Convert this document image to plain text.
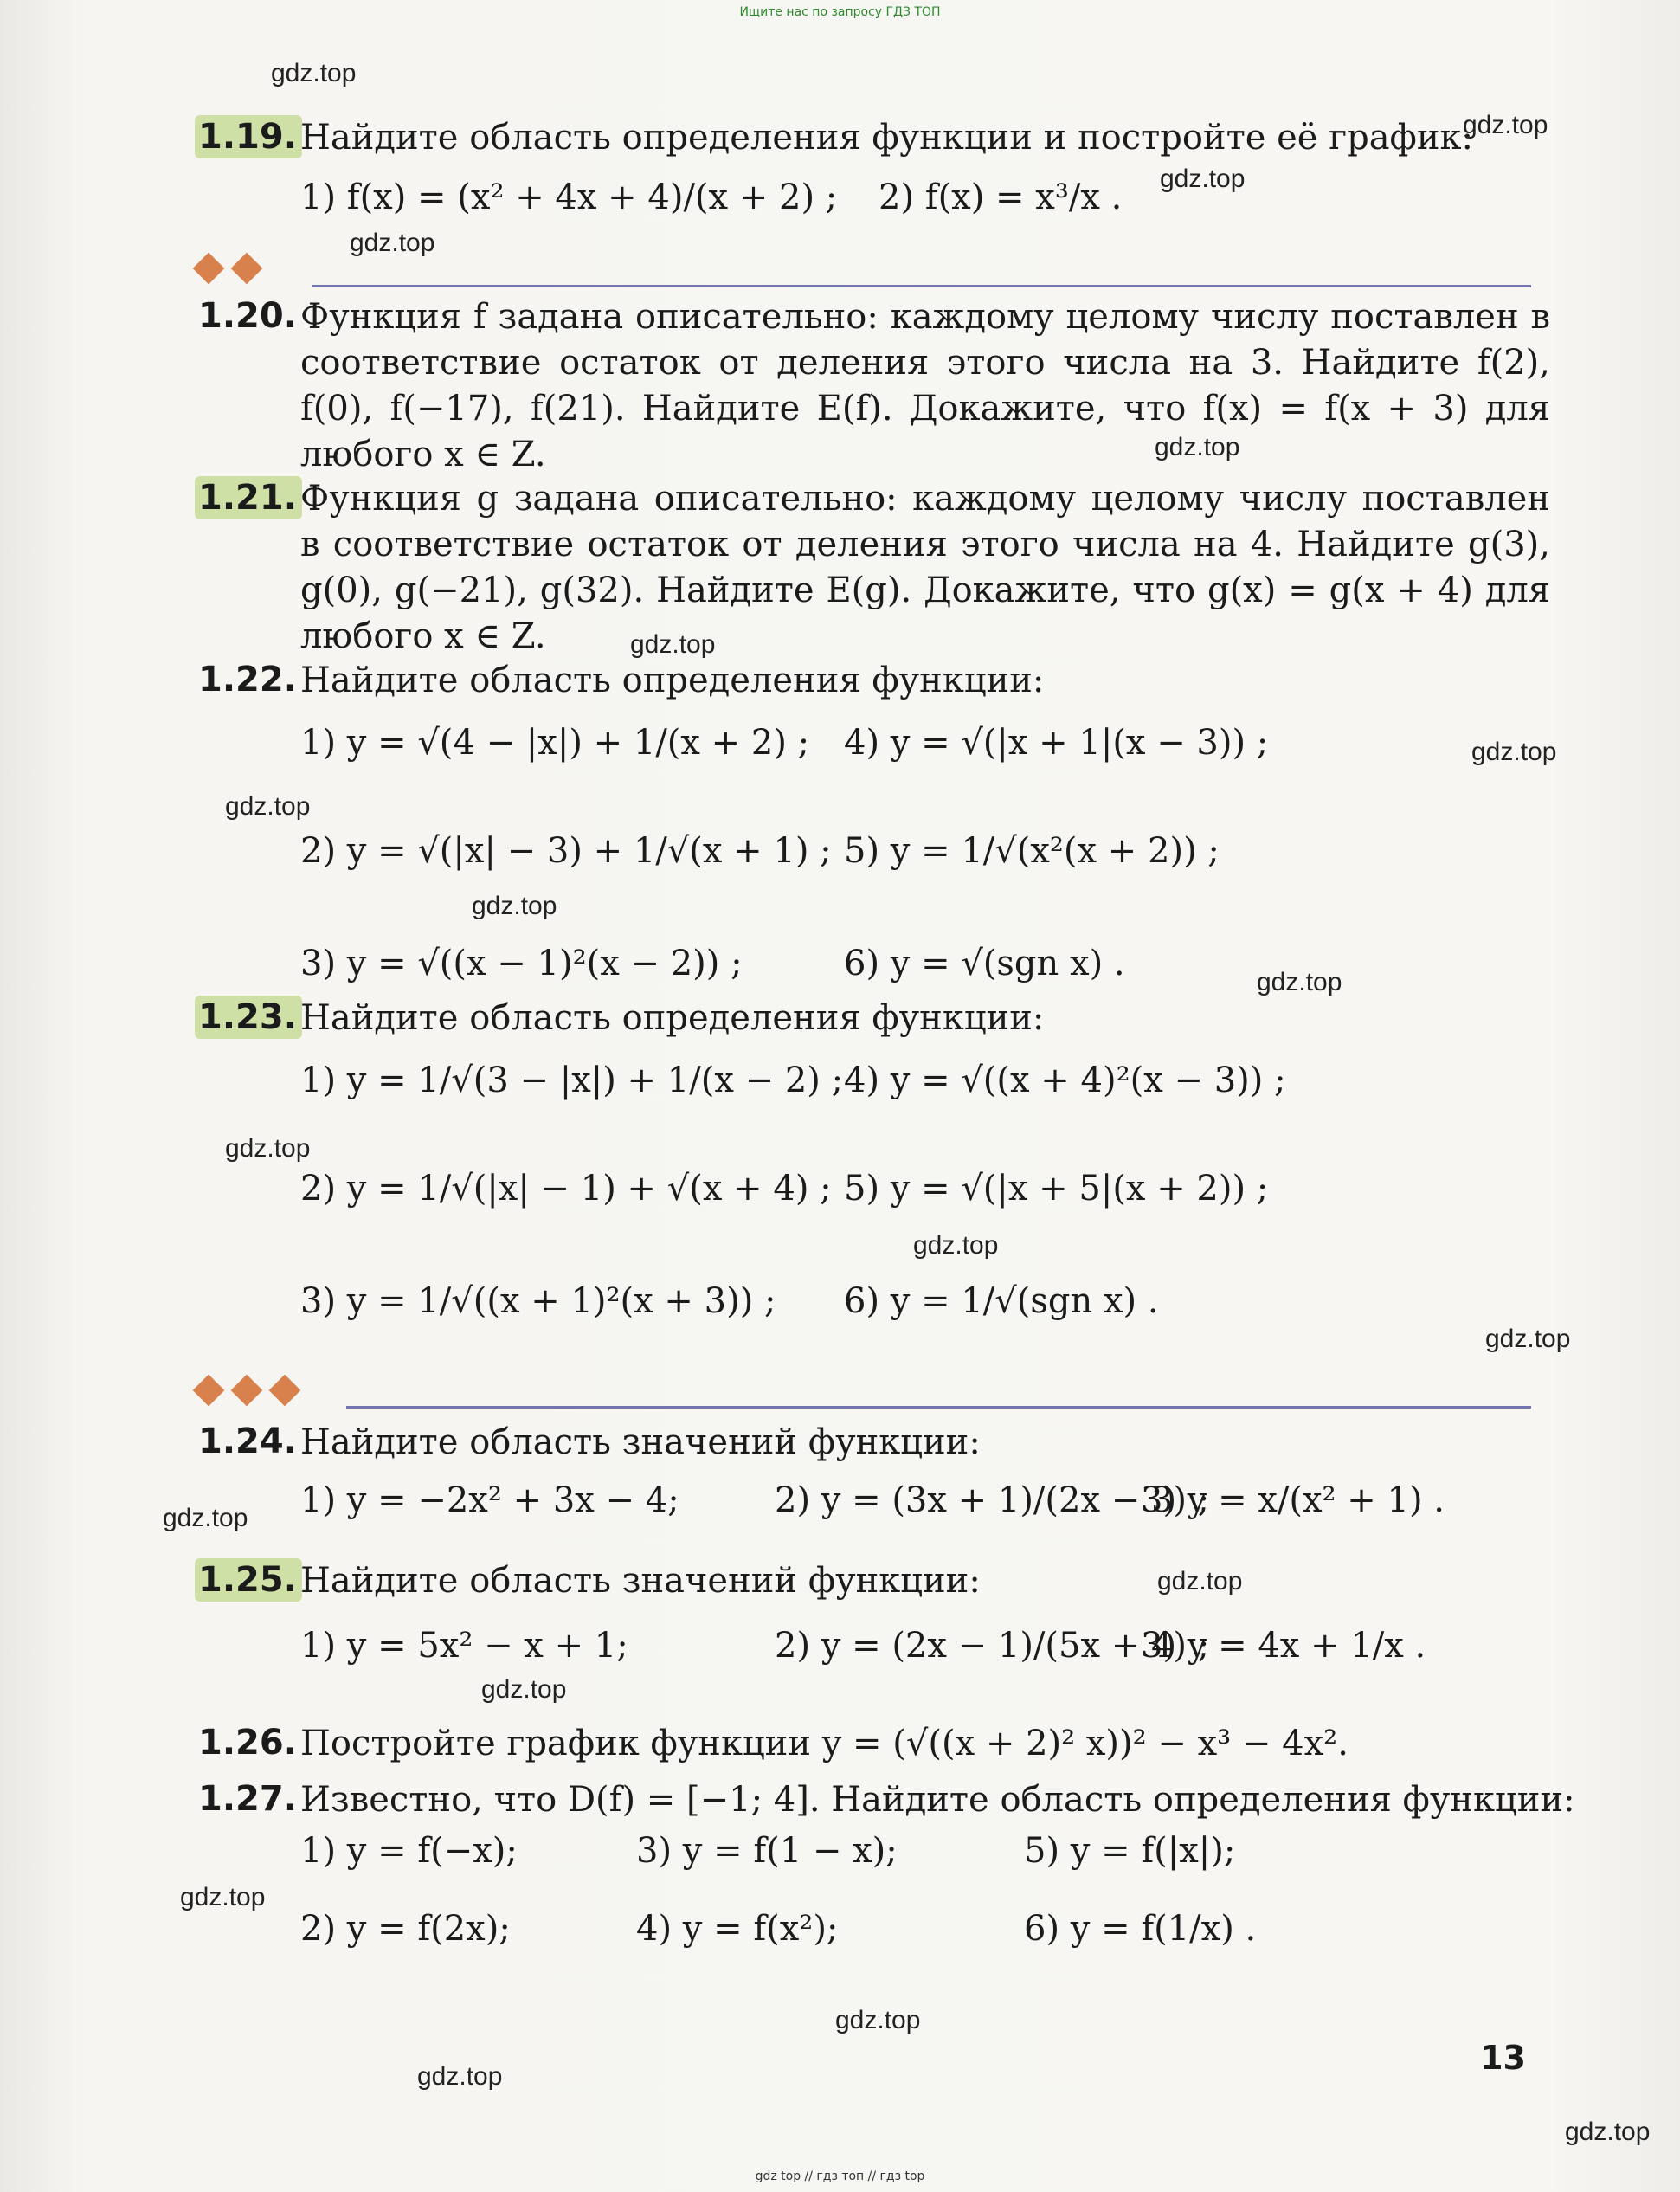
Ищите нас по запросу ГДЗ ТОП
1.19. Найдите область определения функции и постройте её график:
1) f(x) = (x² + 4x + 4)/(x + 2) ; 2) f(x) = x³/x .
1.20. Функция f задана описательно: каждому целому числу поставлен в соответствие остаток от деления этого числа на 3. Найдите f(2), f(0), f(−17), f(21). Найдите E(f). Докажите, что f(x) = f(x + 3) для любого x ∈ Z.
1.21. Функция g задана описательно: каждому целому числу поставлен в соответствие остаток от деления этого числа на 4. Найдите g(3), g(0), g(−21), g(32). Найдите E(g). Докажите, что g(x) = g(x + 4) для любого x ∈ Z.
1.22. Найдите область определения функции:
1) y = √(4 − |x|) + 1/(x + 2) ; 4) y = √(|x + 1|(x − 3)) ;
2) y = √(|x| − 3) + 1/√(x + 1) ; 5) y = 1/√(x²(x + 2)) ;
3) y = √((x − 1)²(x − 2)) ;	6) y = √(sgn x) .
1.23. Найдите область определения функции:
1) y = 1/√(3 − |x|) + 1/(x − 2) ; 4) y = √((x + 4)²(x − 3)) ;
2) y = 1/√(|x| − 1) + √(x + 4) ; 5) y = √(|x + 5|(x + 2)) ;
3) y = 1/√((x + 1)²(x + 3)) ; 6) y = 1/√(sgn x) .
1.24. Найдите область значений функции:
1) y = −2x² + 3x − 4;	2) y = (3x + 1)/(2x − 3) ;
3) y = x/(x² + 1) .
1.25. Найдите область значений функции:
1) y = 5x² − x + 1;	2) y = (2x − 1)/(5x + 4) ;
3) y = 4x + 1/x .
1.26. Постройте график функции y = (√((x + 2)² x))² − x³ − 4x².
1.27. Известно, что D(f) = [−1; 4]. Найдите область определения функции:
1) y = f(−x);	3) y = f(1 − x);	5) y = f(|x|);
2) y = f(2x);	4) y = f(x²);	6) y = f(1/x) .
13
gdz.top
gdz.top
gdz.top
gdz.top
gdz.top
gdz.top
gdz.top
gdz.top
gdz.top
gdz.top
gdz.top
gdz.top
gdz.top
gdz.top
gdz.top
gdz.top
gdz.top
gdz.top
gdz.top
gdz.top
gdz top // гдз топ // гдз top
